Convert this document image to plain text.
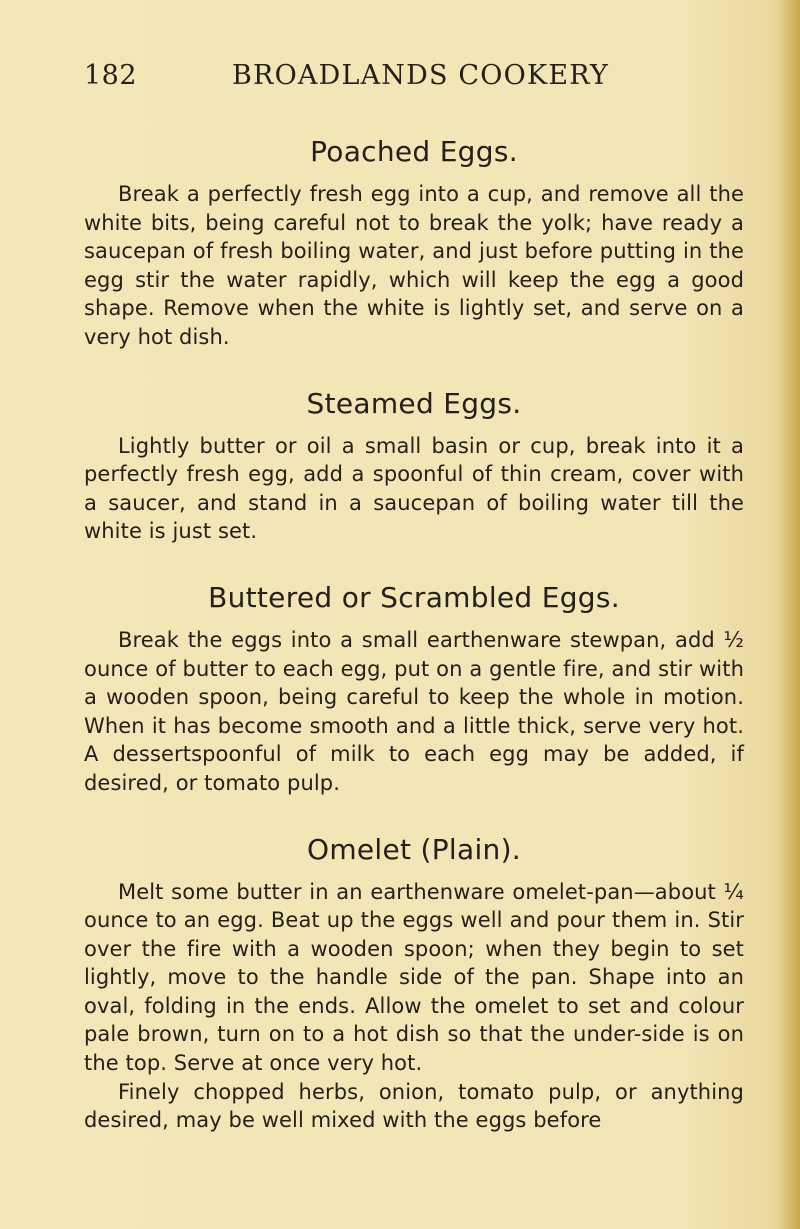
182	BROADLANDS COOKERY
Poached Eggs.

Break a perfectly fresh egg into a cup, and remove all the white bits, being careful not to break the yolk; have ready a saucepan of fresh boiling water, and just before putting in the egg stir the water rapidly, which will keep the egg a good shape. Remove when the white is lightly set, and serve on a very hot dish.

Steamed Eggs.

Lightly butter or oil a small basin or cup, break into it a perfectly fresh egg, add a spoonful of thin cream, cover with a saucer, and stand in a saucepan of boiling water till the white is just set.

Buttered or Scrambled Eggs.

Break the eggs into a small earthenware stewpan, add ½ ounce of butter to each egg, put on a gentle fire, and stir with a wooden spoon, being careful to keep the whole in motion. When it has become smooth and a little thick, serve very hot. A dessertspoonful of milk to each egg may be added, if desired, or tomato pulp.

Omelet (Plain).

Melt some butter in an earthenware omelet-pan—about ¼ ounce to an egg. Beat up the eggs well and pour them in. Stir over the fire with a wooden spoon; when they begin to set lightly, move to the handle side of the pan. Shape into an oval, folding in the ends. Allow the omelet to set and colour pale brown, turn on to a hot dish so that the under-side is on the top. Serve at once very hot.

Finely chopped herbs, onion, tomato pulp, or anything desired, may be well mixed with the eggs before
